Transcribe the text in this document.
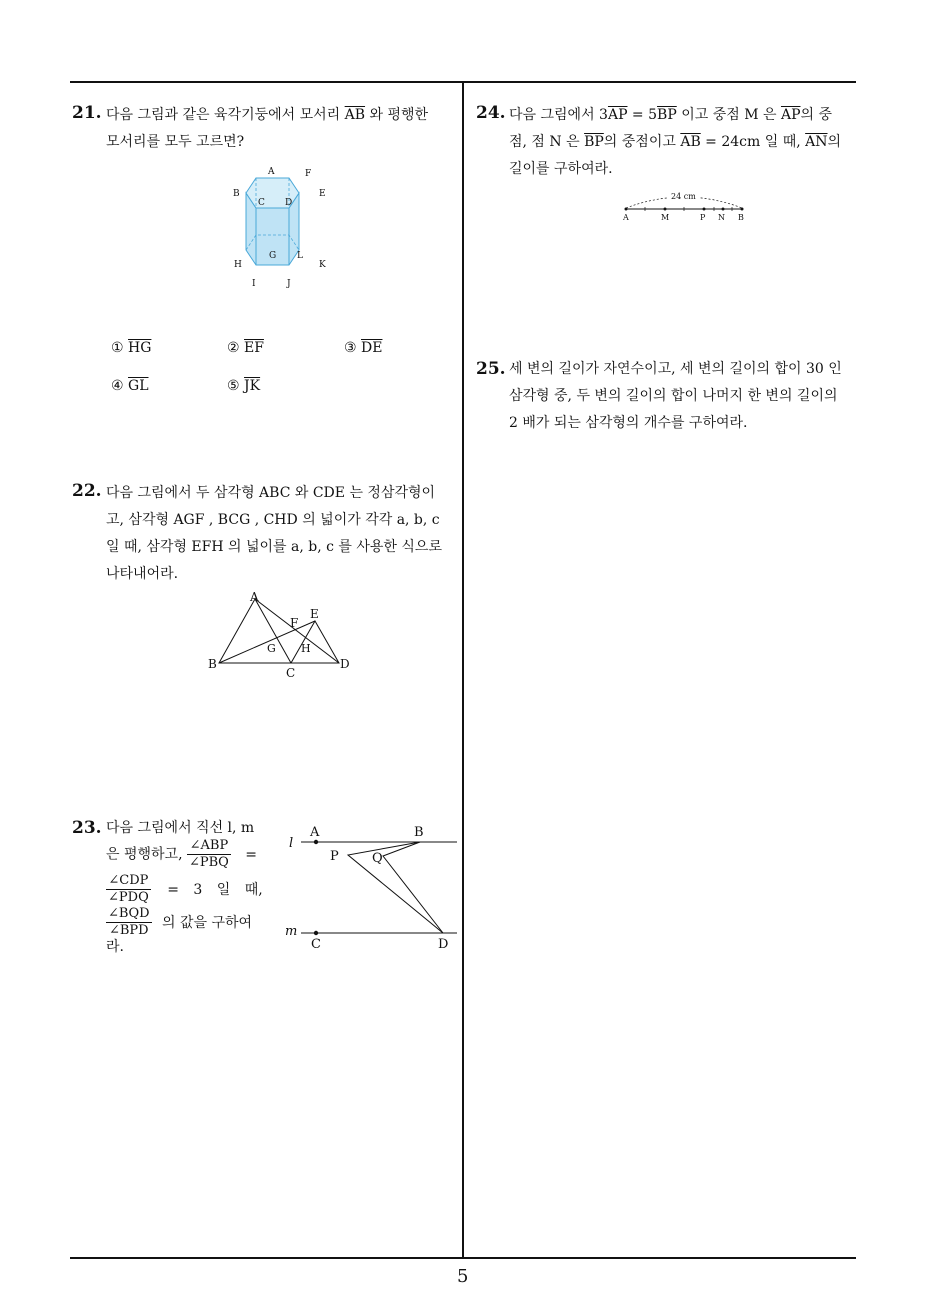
21. 다음 그림과 같은 육각기둥에서 모서리 $\overline{AB}$ 와 평행한
모서리를 모두 고르면?
A	F
B	E
C D
G L
H	K
I	J
① $\overline{HG}$	② $\overline{EF}$	③ $\overline{DE}$
④ $\overline{GL}$	⑤ $\overline{JK}$
22. 다음 그림에서 두 삼각형 ABC 와 CDE 는 정삼각형이
고, 삼각형 AGF , BCG , CHD 의 넓이가 각각 a, b, c
일 때, 삼각형 EFH 의 넓이를 a, b, c 를 사용한 식으로
나타내어라.
A
B
C
D
E
F
G H
23. 다음 그림에서 직선 l, m
은 평행하고, $\frac{\text{∠ABP}}{\text{∠PBQ}}$ =
$\frac{\text{∠CDP}}{\text{∠PDQ}} = 3$ 일 때,
$\frac{\text{∠BQD}}{\text{∠BPD}}$ 의 값을 구하여
라.
l
m
A	B
P	Q
C	D
24. 다음 그림에서 $3\overline{AP} = 5\overline{BP}$ 이고 중점 M 은 $\overline{AP}$의 중
점, 점 N 은 $\overline{BP}$의 중점이고 $\overline{AB} = 24cm$ 일 때, $\overline{AN}$의
길이를 구하여라.
24 cm
A	M	P N B
25. 세 변의 길이가 자연수이고, 세 변의 길이의 합이 30 인
삼각형 중, 두 변의 길이의 합이 나머지 한 변의 길이의
2 배가 되는 삼각형의 개수를 구하여라.
5
